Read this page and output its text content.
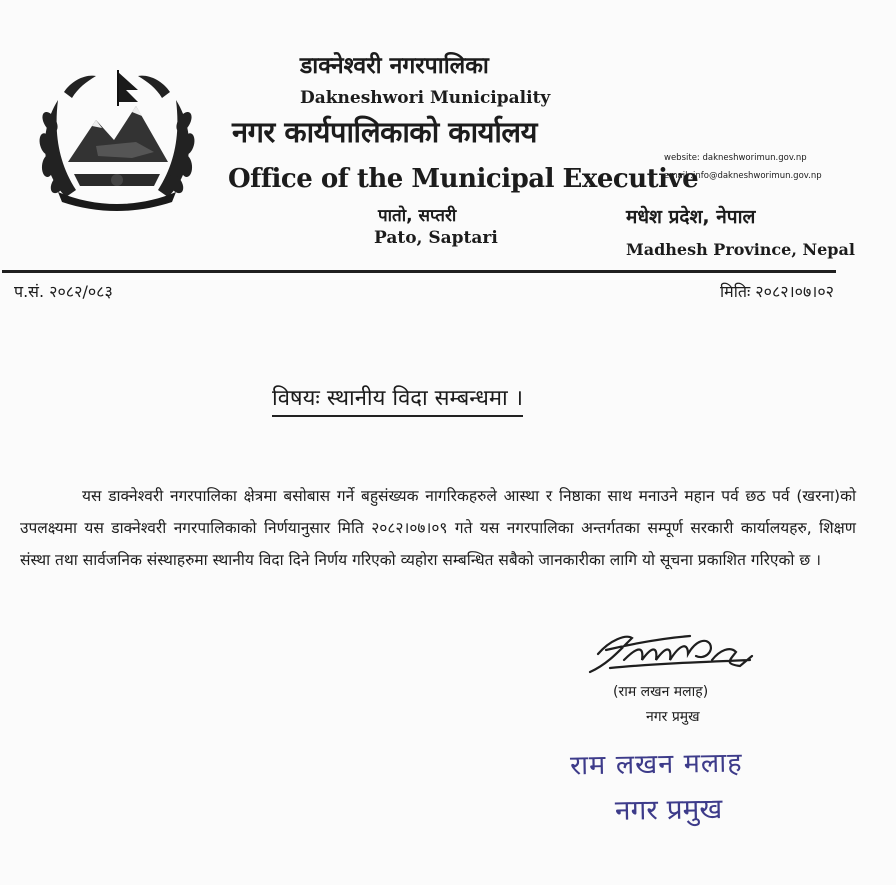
डाक्नेश्वरी नगरपालिका
Dakneshwori Municipality
नगर कार्यपालिकाको कार्यालय
Office of the Municipal Executive
website: dakneshworimun.gov.np
email :info@dakneshworimun.gov.np
पातो, सप्तरी
Pato, Saptari
मधेश प्रदेश, नेपाल
Madhesh Province, Nepal
प.सं. २०८२/०८३	मितिः २०८२।०७।०२
विषयः स्थानीय विदा सम्बन्धमा ।
यस डाक्नेश्वरी नगरपालिका क्षेत्रमा बसोबास गर्ने बहुसंख्यक नागरिकहरुले आस्था र निष्ठाका साथ मनाउने महान पर्व छठ पर्व (खरना)को उपलक्ष्यमा यस डाक्नेश्वरी नगरपालिकाको निर्णयानुसार मिति २०८२।०७।०९ गते यस नगरपालिका अन्तर्गतका सम्पूर्ण सरकारी कार्यालयहरु, शिक्षण संस्था तथा सार्वजनिक संस्थाहरुमा स्थानीय विदा दिने निर्णय गरिएको व्यहोरा सम्बन्धित सबैको जानकारीका लागि यो सूचना प्रकाशित गरिएको छ ।
(राम लखन मलाह)
नगर प्रमुख
राम लखन मलाह
नगर प्रमुख
